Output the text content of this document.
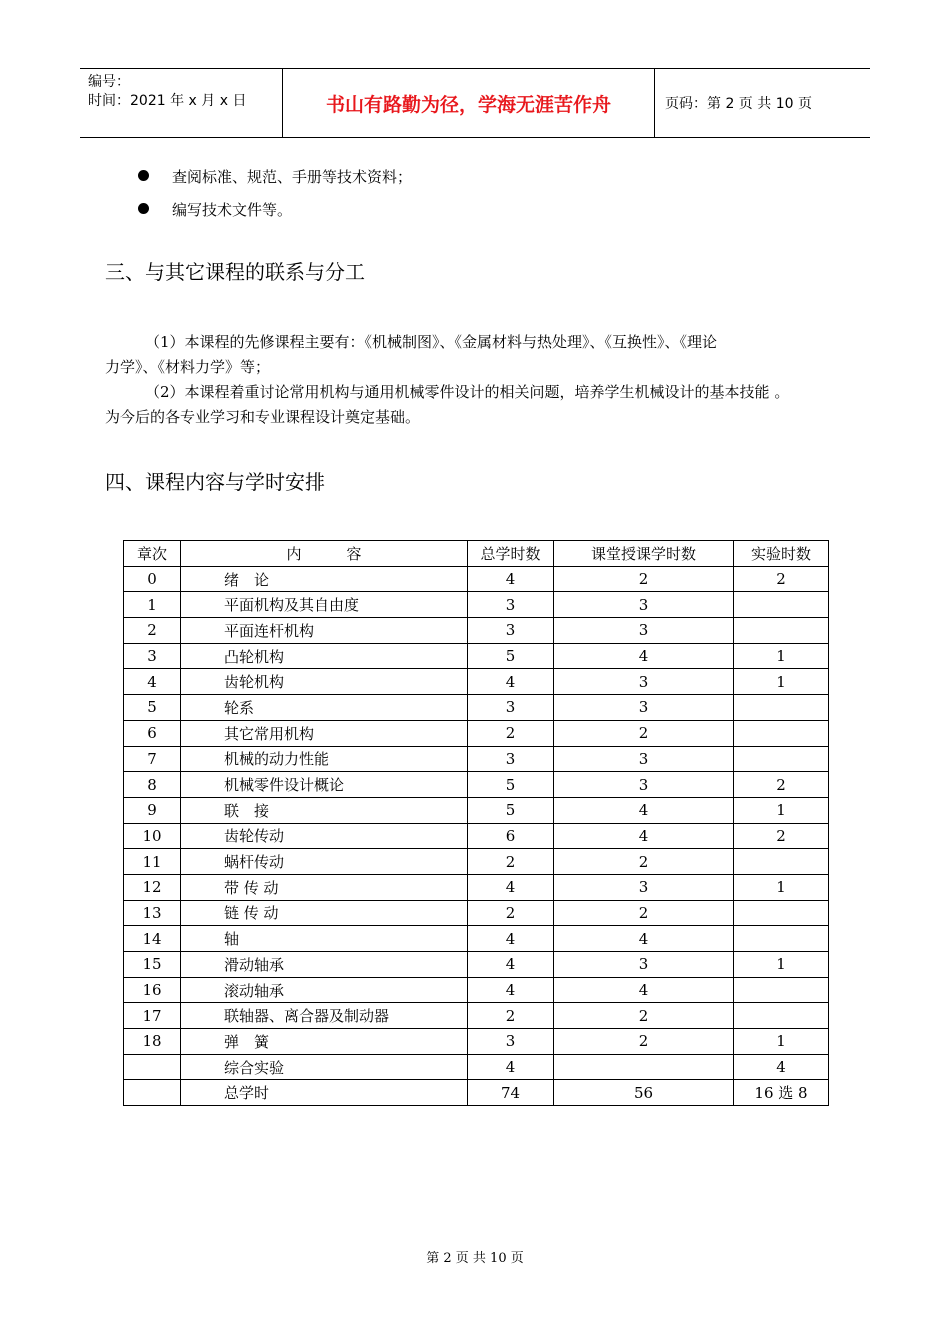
编号：
时间：2021 年 x 月 x 日	书山有路勤为径，学海无涯苦作舟	页码：第 2 页 共 10 页
查阅标准、规范、手册等技术资料；
编写技术文件等。
三、与其它课程的联系与分工
（1）本课程的先修课程主要有：《机械制图》、《金属材料与热处理》、《互换性》、《理论
力学》、《材料力学》等；
（2）本课程着重讨论常用机构与通用机械零件设计的相关问题，培养学生机械设计的基本技能 。
为今后的各专业学习和专业课程设计奠定基础。
四、课程内容与学时安排
章次	内　　　容	总学时数	课堂授课学时数	实验时数
0	绪　论	4	2	2
1	平面机构及其自由度	3	3	
2	平面连杆机构	3	3	
3	凸轮机构	5	4	1
4	齿轮机构	4	3	1
5	轮系	3	3	
6	其它常用机构	2	2	
7	机械的动力性能	3	3	
8	机械零件设计概论	5	3	2
9	联　接	5	4	1
10	齿轮传动	6	4	2
11	蜗杆传动	2	2	
12	带 传 动	4	3	1
13	链 传 动	2	2	
14	轴	4	4	
15	滑动轴承	4	3	1
16	滚动轴承	4	4	
17	联轴器、离合器及制动器	2	2	
18	弹　簧	3	2	1
	综合实验	4		4
	总学时	74	56	16 选 8
第 2 页 共 10 页
